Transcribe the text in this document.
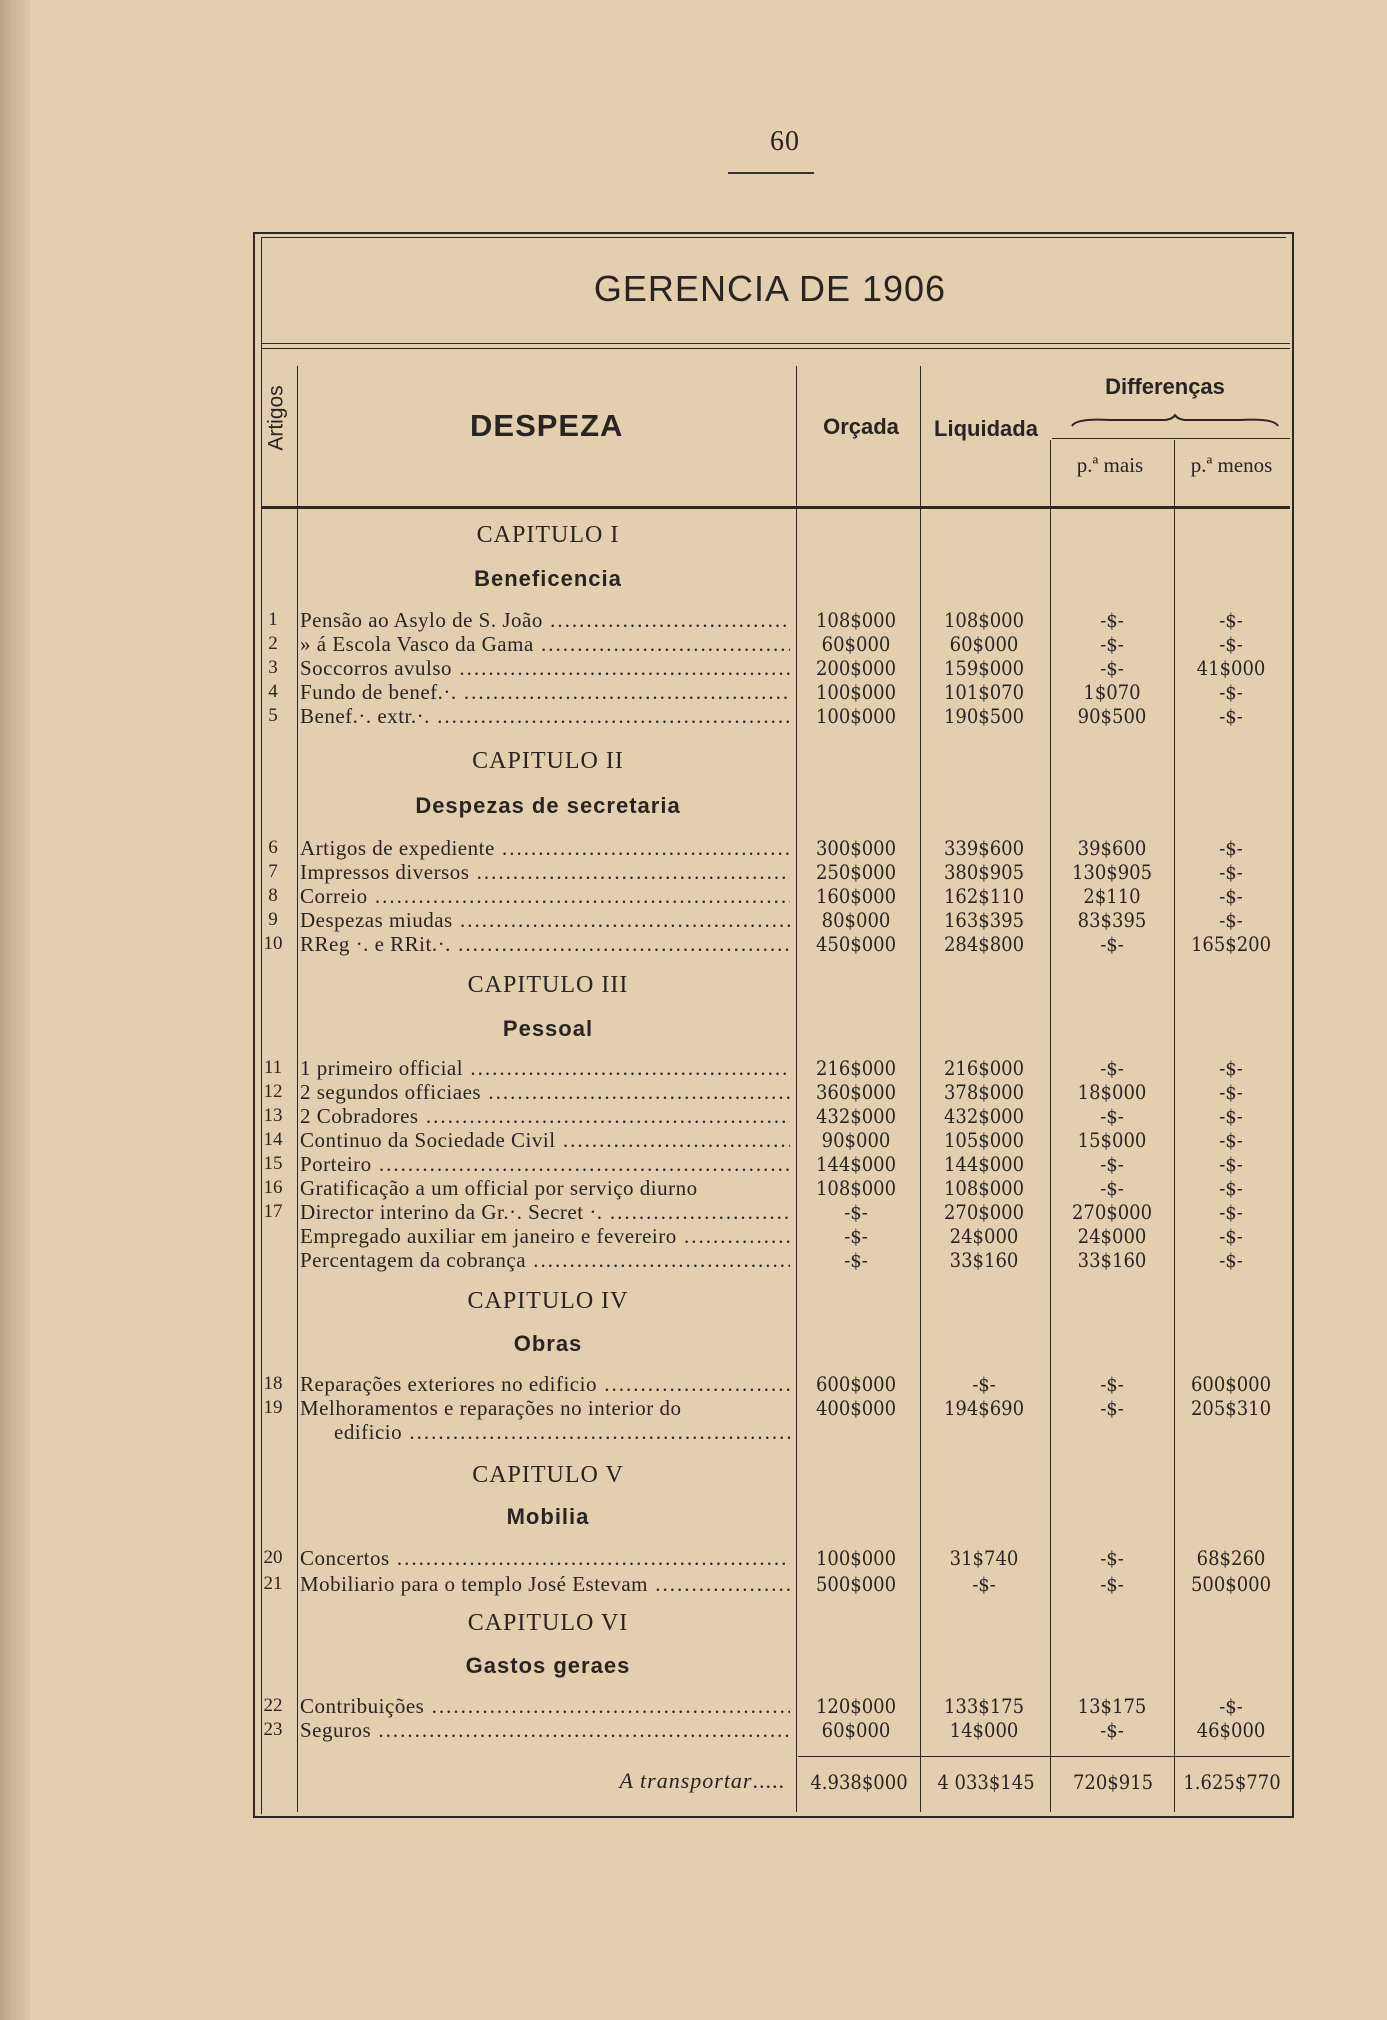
60
GERENCIA DE 1906
Artigos	DESPEZA	Orçada	Liquidada
Differenças
p.ª mais	p.ª menos
CAPITULO I
Beneficencia
CAPITULO II
Despezas de secretaria
CAPITULO III
Pessoal
CAPITULO IV
Obras
CAPITULO V
Mobilia
CAPITULO VI
Gastos geraes
1	Pensão ao Asylo de S. João .....	108$000	108$000	-$-	-$-
2	» á Escola Vasco da Gama .....	60$000	60$000	-$-	-$-
3	Soccorros avulso .....	200$000	159$000	-$-	41$000
4	Fundo de benef.·. .....	100$000	101$070	1$070	-$-
5	Benef.·. extr.·. .....	100$000	190$500	90$500	-$-
6	Artigos de expediente .....	300$000	339$600	39$600	-$-
7	Impressos diversos .....	250$000	380$905	130$905	-$-
8	Correio .....	160$000	162$110	2$110	-$-
9	Despezas miudas .....	80$000	163$395	83$395	-$-
10 RReg ·. e RRit.·. .....	450$000	284$800	-$-	165$200
11 1 primeiro official .....	216$000	216$000	-$-	-$-
12 2 segundos officiaes .....	360$000	378$000	18$000	-$-
13 2 Cobradores .....	432$000	432$000	-$-	-$-
14 Continuo da Sociedade Civil .....	90$000	105$000	15$000	-$-
15 Porteiro .....	144$000	144$000	-$-	-$-
16 Gratificação a um official por serviço diurno	108$000	108$000	-$-	-$-
17 Director interino da Gr.·. Secret ·. .....	-$-	270$000	270$000	-$-
Empregado auxiliar em janeiro e fevereiro .....	-$-	24$000	24$000	-$-
Percentagem da cobrança .....	-$-	33$160	33$160	-$-
18 Reparações exteriores no edificio .....	600$000	-$-	-$-	600$000
19 Melhoramentos e reparações no interior do	400$000	194$690	-$-	205$310
edificio .....
20 Concertos .....	100$000	31$740	-$-	68$260
21 Mobiliario para o templo José Estevam .....	500$000	-$-	-$-	500$000
22 Contribuições .....	120$000	133$175	13$175	-$-
23 Seguros .....	60$000	14$000	-$-	46$000
A transportar .....	4.938$000	4 033$145	720$915	1.625$770
